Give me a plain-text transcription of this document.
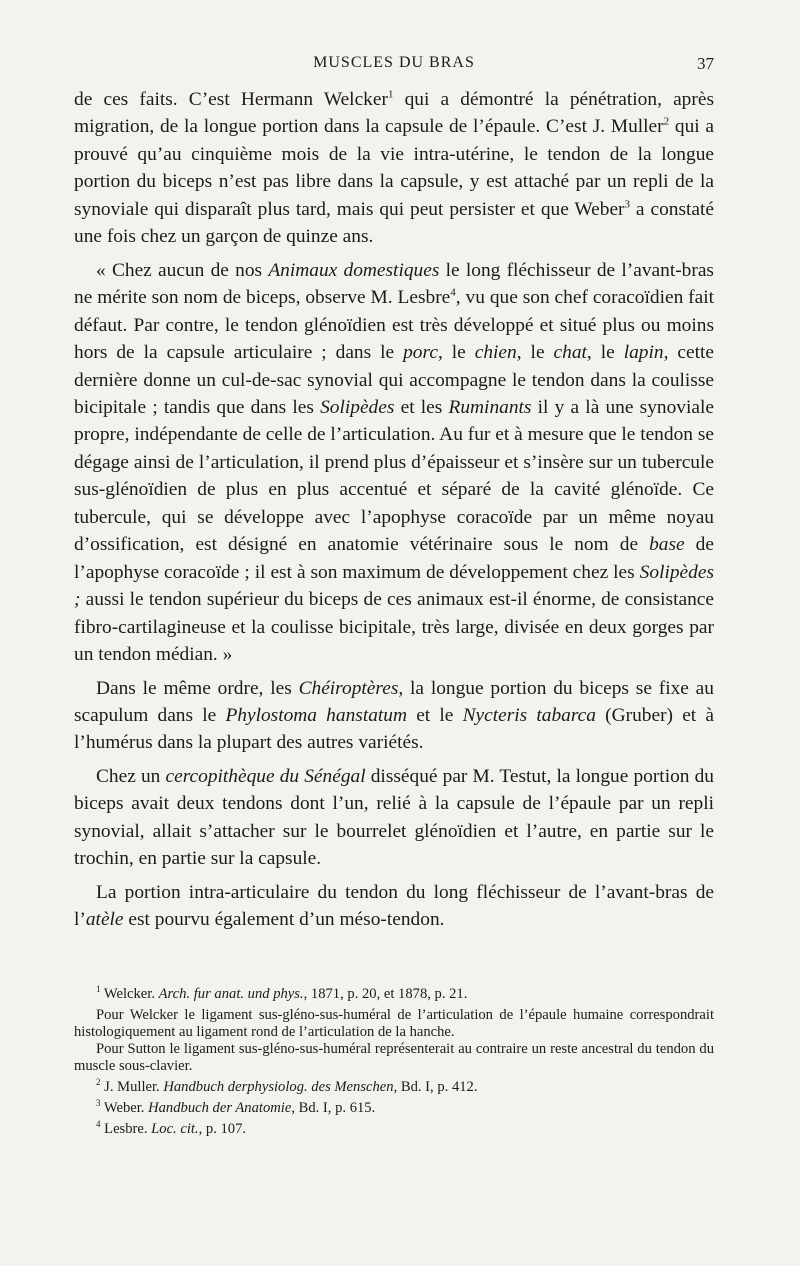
MUSCLES DU BRAS	37

de ces faits. C’est Hermann Welcker$^1$ qui a démontré la pénétration, après migration, de la longue portion dans la capsule de l’épaule. C’est J. Muller$^2$ qui a prouvé qu’au cinquième mois de la vie intra-utérine, le tendon de la longue portion du biceps n’est pas libre dans la capsule, y est attaché par un repli de la synoviale qui disparaît plus tard, mais qui peut persister et que Weber$^3$ a constaté une fois chez un garçon de quinze ans.

« Chez aucun de nos Animaux domestiques le long fléchisseur de l’avant-bras ne mérite son nom de biceps, observe M. Lesbre$^4$, vu que son chef coracoïdien fait défaut. Par contre, le tendon glénoïdien est très développé et situé plus ou moins hors de la capsule articulaire ; dans le porc, le chien, le chat, le lapin, cette dernière donne un cul-de-sac synovial qui accompagne le tendon dans la coulisse bicipitale ; tandis que dans les Solipèdes et les Ruminants il y a là une synoviale propre, indépendante de celle de l’articulation. Au fur et à mesure que le tendon se dégage ainsi de l’articulation, il prend plus d’épaisseur et s’insère sur un tubercule sus-glénoïdien de plus en plus accentué et séparé de la cavité glénoïde. Ce tubercule, qui se développe avec l’apophyse coracoïde par un même noyau d’ossification, est désigné en anatomie vétérinaire sous le nom de base de l’apophyse coracoïde ; il est à son maximum de développement chez les Solipèdes ; aussi le tendon supérieur du biceps de ces animaux est-il énorme, de consistance fibro-cartilagineuse et la coulisse bicipitale, très large, divisée en deux gorges par un tendon médian. »

Dans le même ordre, les Chéiroptères, la longue portion du biceps se fixe au scapulum dans le Phylostoma hanstatum et le Nycteris tabarca (Gruber) et à l’humérus dans la plupart des autres variétés.

Chez un cercopithèque du Sénégal disséqué par M. Testut, la longue portion du biceps avait deux tendons dont l’un, relié à la capsule de l’épaule par un repli synovial, allait s’attacher sur le bourrelet glénoïdien et l’autre, en partie sur le trochin, en partie sur la capsule.

La portion intra-articulaire du tendon du long fléchisseur de l’avant-bras de l’atèle est pourvu également d’un méso-tendon.

$^1$ Welcker. Arch. fur anat. und phys., 1871, p. 20, et 1878, p. 21.

Pour Welcker le ligament sus-gléno-sus-huméral de l’articulation de l’épaule humaine correspondrait histologiquement au ligament rond de l’articulation de la hanche.

Pour Sutton le ligament sus-gléno-sus-huméral représenterait au contraire un reste ancestral du tendon du muscle sous-clavier.

$^2$ J. Muller. Handbuch derphysiolog. des Menschen, Bd. I, p. 412.

$^3$ Weber. Handbuch der Anatomie, Bd. I, p. 615.

$^4$ Lesbre. Loc. cit., p. 107.
